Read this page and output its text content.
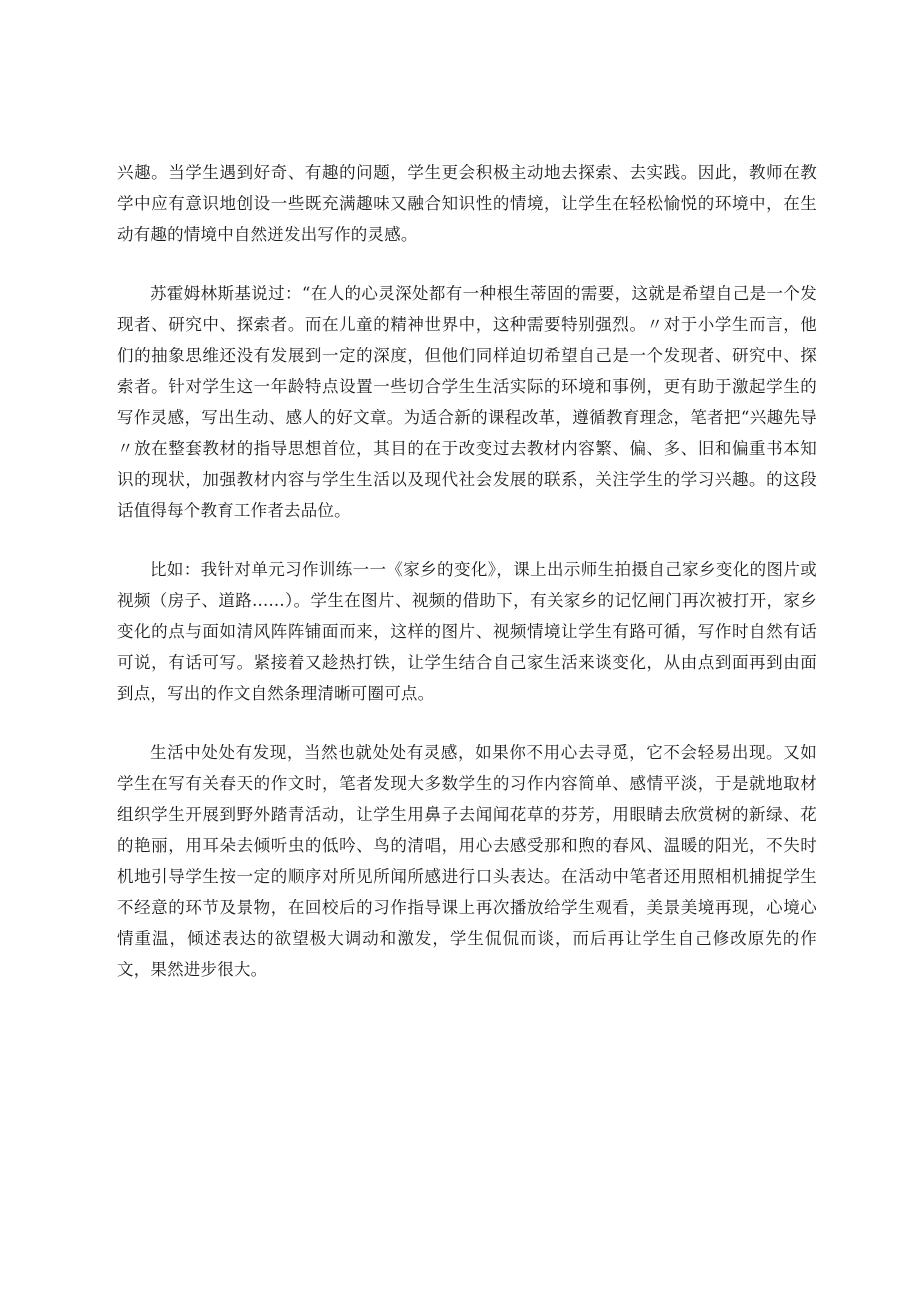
兴趣。当学生遇到好奇、有趣的问题，学生更会积极主动地去探索、去实践。因此，教师在教学中应有意识地创设一些既充满趣味又融合知识性的情境，让学生在轻松愉悦的环境中，在生动有趣的情境中自然迸发出写作的灵感。

苏霍姆林斯基说过：“在人的心灵深处都有一种根生蒂固的需要，这就是希望自己是一个发现者、研究中、探索者。而在儿童的精神世界中，这种需要特别强烈。〃对于小学生而言，他们的抽象思维还没有发展到一定的深度，但他们同样迫切希望自己是一个发现者、研究中、探索者。针对学生这一年龄特点设置一些切合学生生活实际的环境和事例，更有助于激起学生的写作灵感，写出生动、感人的好文章。为适合新的课程改革，遵循教育理念，笔者把“兴趣先导〃放在整套教材的指导思想首位，其目的在于改变过去教材内容繁、偏、多、旧和偏重书本知识的现状，加强教材内容与学生生活以及现代社会发展的联系，关注学生的学习兴趣。的这段话值得每个教育工作者去品位。

比如：我针对单元习作训练一一《家乡的变化》，课上出示师生拍摄自己家乡变化的图片或视频（房子、道路......）。学生在图片、视频的借助下，有关家乡的记忆闸门再次被打开，家乡变化的点与面如清风阵阵铺面而来，这样的图片、视频情境让学生有路可循，写作时自然有话可说，有话可写。紧接着又趁热打铁，让学生结合自己家生活来谈变化，从由点到面再到由面到点，写出的作文自然条理清晰可圈可点。

生活中处处有发现，当然也就处处有灵感，如果你不用心去寻觅，它不会轻易出现。又如学生在写有关春天的作文时，笔者发现大多数学生的习作内容简单、感情平淡，于是就地取材组织学生开展到野外踏青活动，让学生用鼻子去闻闻花草的芬芳，用眼睛去欣赏树的新绿、花的艳丽，用耳朵去倾听虫的低吟、鸟的清唱，用心去感受那和煦的春风、温暖的阳光，不失时机地引导学生按一定的顺序对所见所闻所感进行口头表达。在活动中笔者还用照相机捕捉学生不经意的环节及景物，在回校后的习作指导课上再次播放给学生观看，美景美境再现，心境心情重温，倾述表达的欲望极大调动和激发，学生侃侃而谈，而后再让学生自己修改原先的作文，果然进步很大。
